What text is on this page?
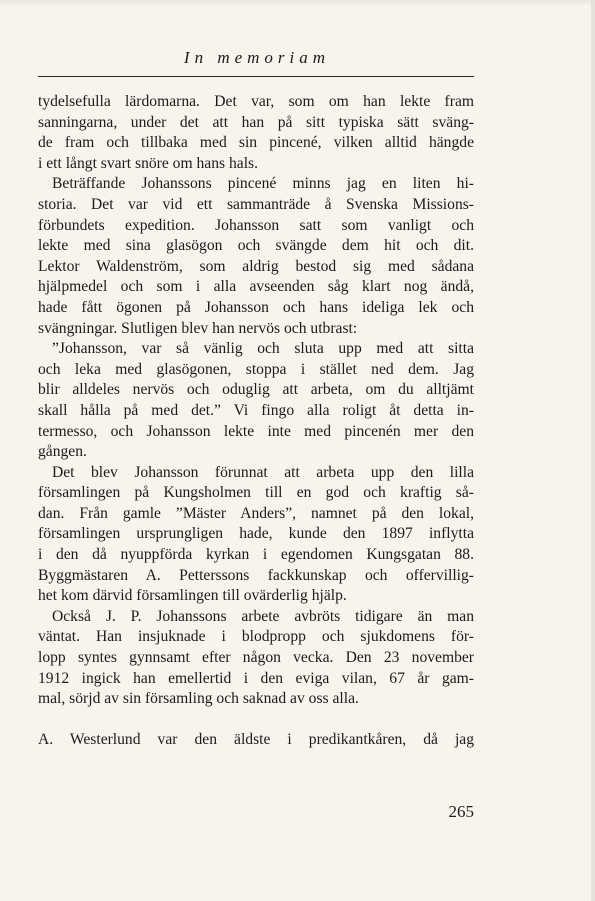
In memoriam
tydelsefulla lärdomarna. Det var, som om han lekte fram
sanningarna, under det att han på sitt typiska sätt sväng-
de fram och tillbaka med sin pincené, vilken alltid hängde
i ett långt svart snöre om hans hals.
Beträffande Johanssons pincené minns jag en liten hi-
storia. Det var vid ett sammanträde å Svenska Missions-
förbundets expedition. Johansson satt som vanligt och
lekte med sina glasögon och svängde dem hit och dit.
Lektor Waldenström, som aldrig bestod sig med sådana
hjälpmedel och som i alla avseenden såg klart nog ändå,
hade fått ögonen på Johansson och hans ideliga lek och
svängningar. Slutligen blev han nervös och utbrast:
”Johansson, var så vänlig och sluta upp med att sitta
och leka med glasögonen, stoppa i stället ned dem. Jag
blir alldeles nervös och oduglig att arbeta, om du alltjämt
skall hålla på med det.” Vi fingo alla roligt åt detta in-
termesso, och Johansson lekte inte med pincenén mer den
gången.
Det blev Johansson förunnat att arbeta upp den lilla
församlingen på Kungsholmen till en god och kraftig så-
dan. Från gamle ”Mäster Anders”, namnet på den lokal,
församlingen ursprungligen hade, kunde den 1897 inflytta
i den då nyuppförda kyrkan i egendomen Kungsgatan 88.
Byggmästaren A. Petterssons fackkunskap och offervillig-
het kom därvid församlingen till ovärderlig hjälp.
Också J. P. Johanssons arbete avbröts tidigare än man
väntat. Han insjuknade i blodpropp och sjukdomens för-
lopp syntes gynnsamt efter någon vecka. Den 23 november
1912 ingick han emellertid i den eviga vilan, 67 år gam-
mal, sörjd av sin församling och saknad av oss alla.
A. Westerlund var den äldste i predikantkåren, då jag
265
